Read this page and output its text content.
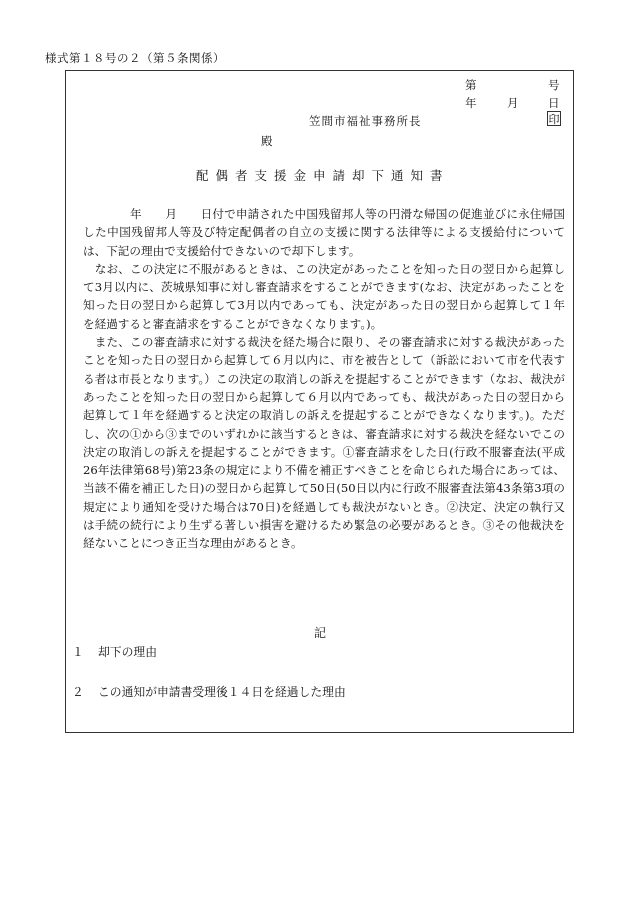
様式第１８号の２（第５条関係）
第	号
年	月	日
笠間市福祉事務所長	印
殿
配偶者支援金申請却下通知書

　　　　年　　月　　日付で申請された中国残留邦人等の円滑な帰国の促進並びに永住帰国した中国残留邦人等及び特定配偶者の自立の支援に関する法律等による支援給付については、下記の理由で支援給付できないので却下します。

　なお、この決定に不服があるときは、この決定があったことを知った日の翌日から起算して3月以内に、茨城県知事に対し審査請求をすることができます(なお、決定があったことを知った日の翌日から起算して3月以内であっても、決定があった日の翌日から起算して１年を経過すると審査請求をすることができなくなります。)。

　また、この審査請求に対する裁決を経た場合に限り、その審査請求に対する裁決があったことを知った日の翌日から起算して６月以内に、市を被告として（訴訟において市を代表する者は市長となります。）この決定の取消しの訴えを提起することができます（なお、裁決があったことを知った日の翌日から起算して６月以内であっても、裁決があった日の翌日から起算して１年を経過すると決定の取消しの訴えを提起することができなくなります。)。ただし、次の①から③までのいずれかに該当するときは、審査請求に対する裁決を経ないでこの決定の取消しの訴えを提起することができます。①審査請求をした日(行政不服審査法(平成26年法律第68号)第23条の規定により不備を補正すべきことを命じられた場合にあっては、当該不備を補正した日)の翌日から起算して50日(50日以内に行政不服審査法第43条第3項の規定により通知を受けた場合は70日)を経過しても裁決がないとき。②決定、決定の執行又は手続の続行により生ずる著しい損害を避けるため緊急の必要があるとき。③その他裁決を経ないことにつき正当な理由があるとき。

記
１ 却下の理由
２ この通知が申請書受理後１４日を経過した理由
